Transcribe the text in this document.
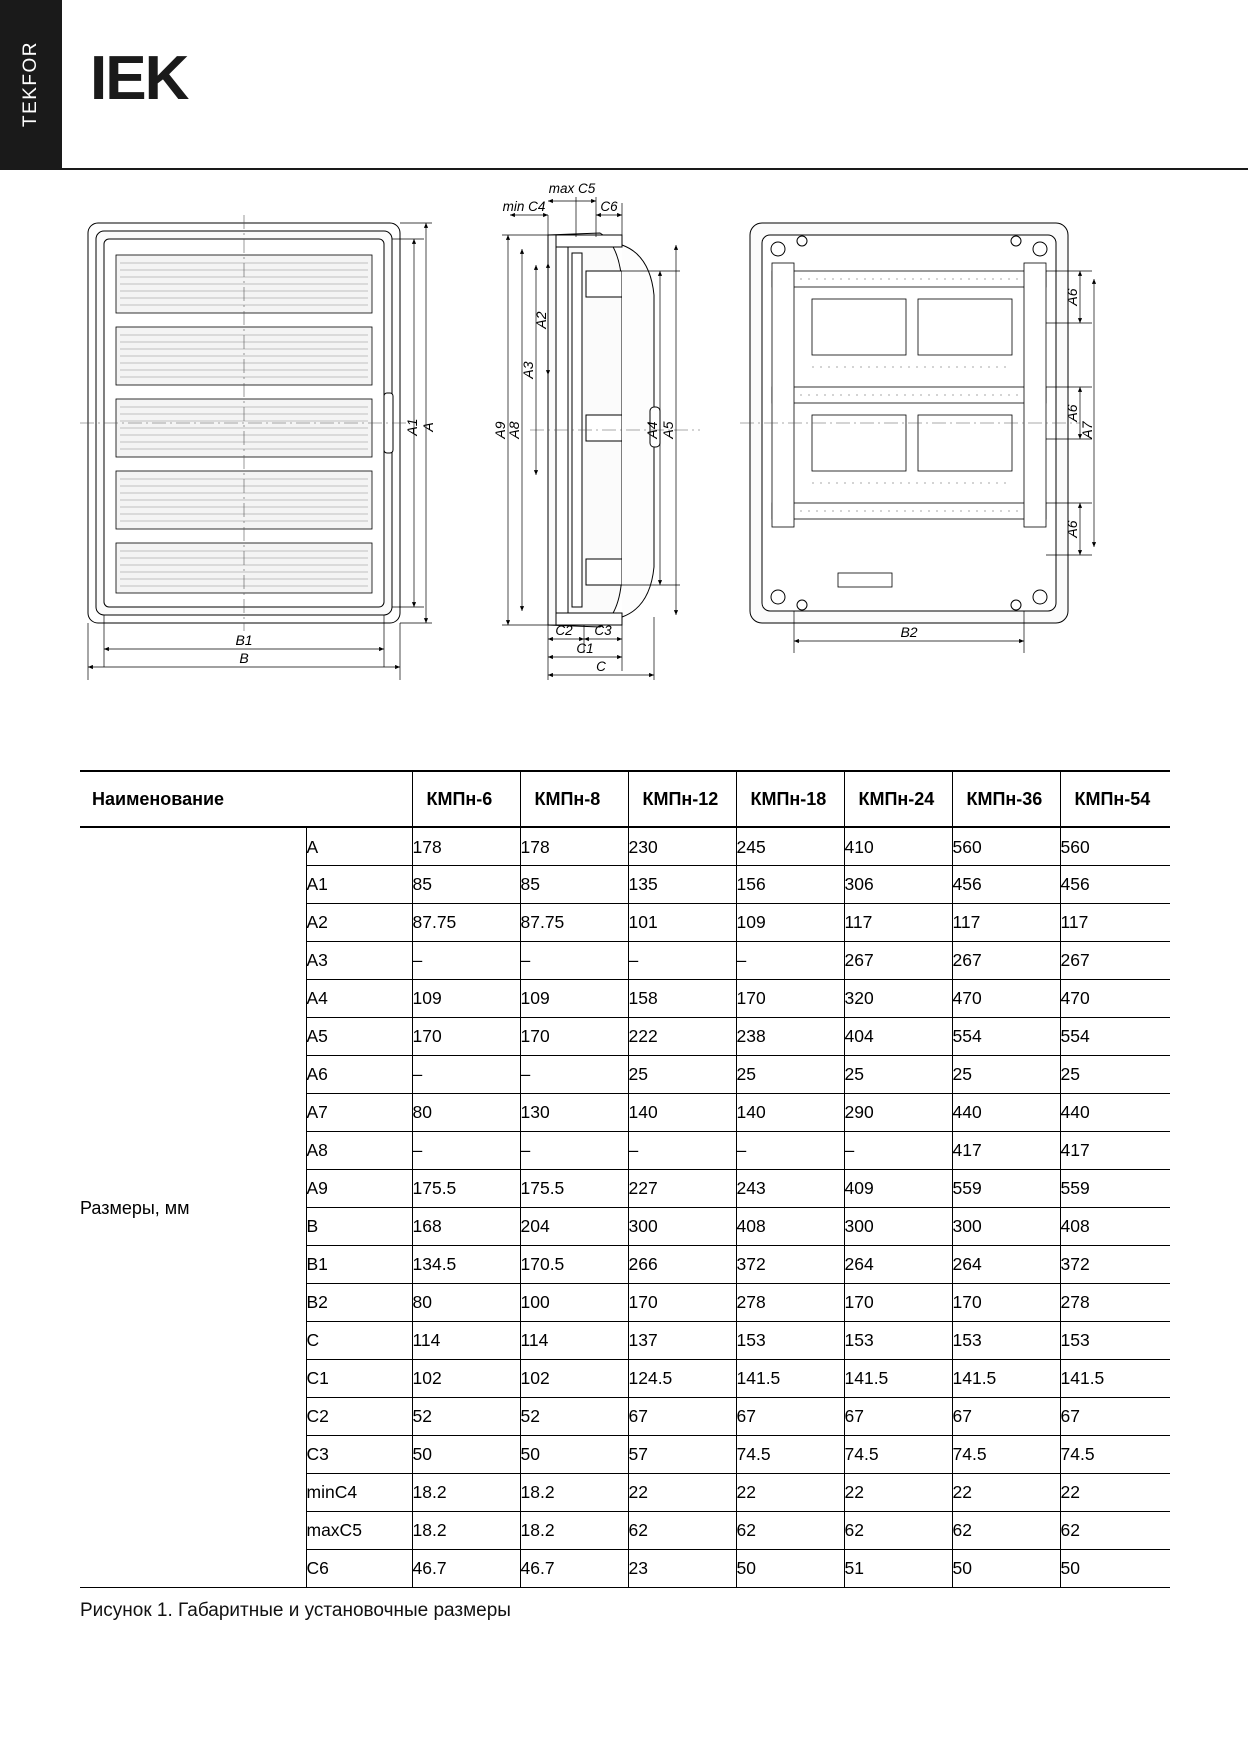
TEKFOR IEK
A1 A
B1
B
A9
A8
A3
A2
A4 A5
min C4
max C5
C6
C2 C3
C1
C
A6
A6
A6
A7
B2
Наименование		КМПн-6	КМПн-8	КМПн-12	КМПн-18	КМПн-24	КМПн-36	КМПн-54
Размеры, мм	A	178	178	230	245	410	560	560
	A1	85	85	135	156	306	456	456
	A2	87.75	87.75	101	109	117	117	117
	A3	–	–	–	–	267	267	267
	A4	109	109	158	170	320	470	470
	A5	170	170	222	238	404	554	554
	A6	–	–	25	25	25	25	25
	A7	80	130	140	140	290	440	440
	A8	–	–	–	–	–	417	417
	A9	175.5	175.5	227	243	409	559	559
	B	168	204	300	408	300	300	408
	B1	134.5	170.5	266	372	264	264	372
	B2	80	100	170	278	170	170	278
	C	114	114	137	153	153	153	153
	C1	102	102	124.5	141.5	141.5	141.5	141.5
	C2	52	52	67	67	67	67	67
	C3	50	50	57	74.5	74.5	74.5	74.5
	minC4	18.2	18.2	22	22	22	22	22
	maxC5	18.2	18.2	62	62	62	62	62
	C6	46.7	46.7	23	50	51	50	50
Рисунок 1. Габаритные и установочные размеры
